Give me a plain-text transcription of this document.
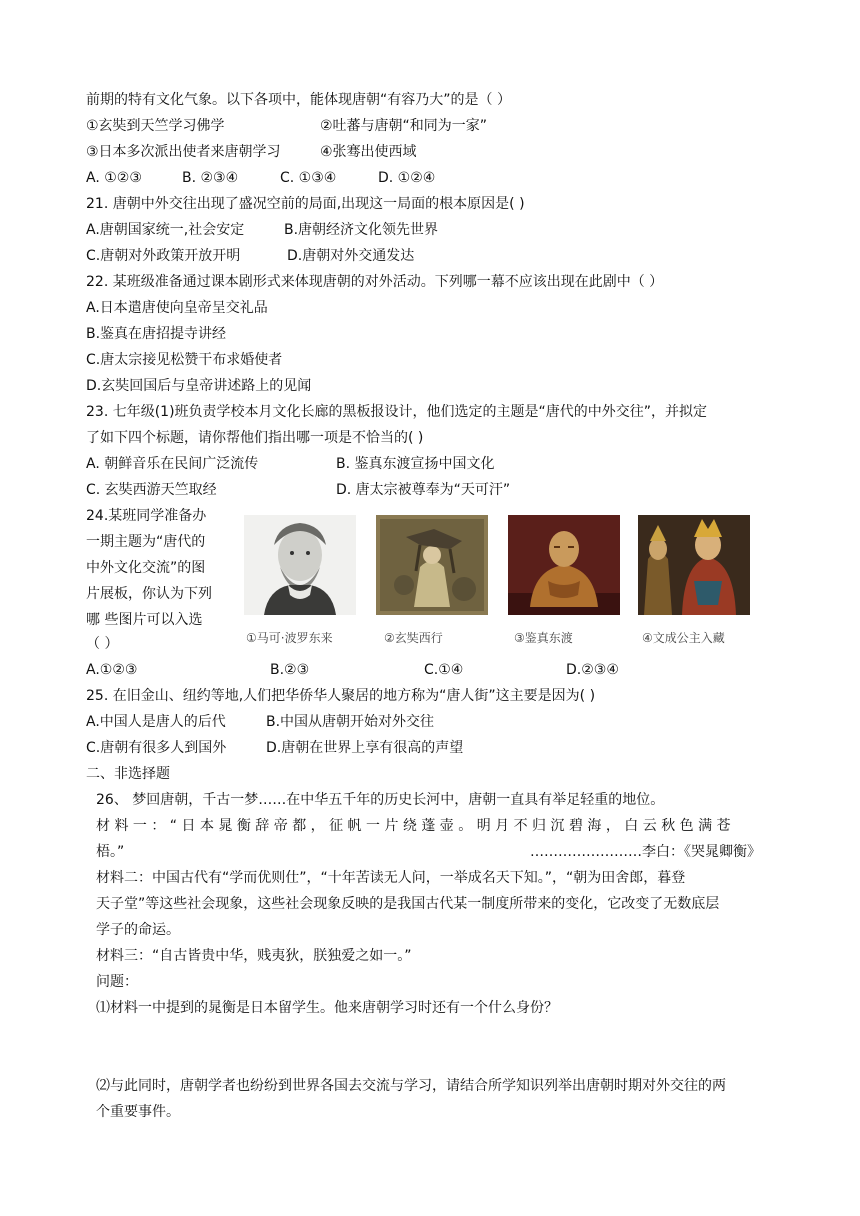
前期的特有文化气象。以下各项中，能体现唐朝“有容乃大”的是（ ）
①玄奘到天竺学习佛学	②吐蕃与唐朝“和同为一家”
③日本多次派出使者来唐朝学习	④张骞出使西域
A. ①②③	B. ②③④	C. ①③④	D. ①②④
21. 唐朝中外交往出现了盛况空前的局面,出现这一局面的根本原因是( )
A.唐朝国家统一,社会安定	B.唐朝经济文化领先世界
C.唐朝对外政策开放开明	D.唐朝对外交通发达
22. 某班级准备通过课本剧形式来体现唐朝的对外活动。下列哪一幕不应该出现在此剧中（ ）
A.日本遣唐使向皇帝呈交礼品
B.鉴真在唐招提寺讲经
C.唐太宗接见松赞干布求婚使者
D.玄奘回国后与皇帝讲述路上的见闻
23. 七年级(1)班负责学校本月文化长廊的黑板报设计，他们选定的主题是“唐代的中外交往”，并拟定
了如下四个标题，请你帮他们指出哪一项是不恰当的( )
A. 朝鲜音乐在民间广泛流传	B. 鉴真东渡宣扬中国文化
C. 玄奘西游天竺取经	D. 唐太宗被尊奉为“天可汗”
24.某班同学准备办
一期主题为“唐代的
中外文化交流”的图
片展板，你认为下列
哪 些图片可以入选
（ ）	①马可·波罗东来	②玄奘西行	③鉴真东渡	④文成公主入藏
A.①②③	B.②③	C.①④	D.②③④
25. 在旧金山、纽约等地,人们把华侨华人聚居的地方称为“唐人街”这主要是因为( )
A.中国人是唐人的后代	B.中国从唐朝开始对外交往
C.唐朝有很多人到国外	D.唐朝在世界上享有很高的声望
二、非选择题
26、 梦回唐朝，千古一梦……在中华五千年的历史长河中，唐朝一直具有举足轻重的地位。
材 料 一 ： “ 日 本 晁 衡 辞 帝 都 ， 征 帆 一 片 绕 蓬 壶 。 明 月 不 归 沉 碧 海 ， 白 云 秋 色 满 苍
梧。”	……………………李白：《哭晁卿衡》
材料二：中国古代有“学而优则仕”，“十年苦读无人问，一举成名天下知。”，“朝为田舍郎，暮登
天子堂”等这些社会现象，这些社会现象反映的是我国古代某一制度所带来的变化，它改变了无数底层
学子的命运。
材料三：“自古皆贵中华，贱夷狄，朕独爱之如一。”
问题：
⑴材料一中提到的晁衡是日本留学生。他来唐朝学习时还有一个什么身份？
⑵与此同时，唐朝学者也纷纷到世界各国去交流与学习，请结合所学知识列举出唐朝时期对外交往的两
个重要事件。
